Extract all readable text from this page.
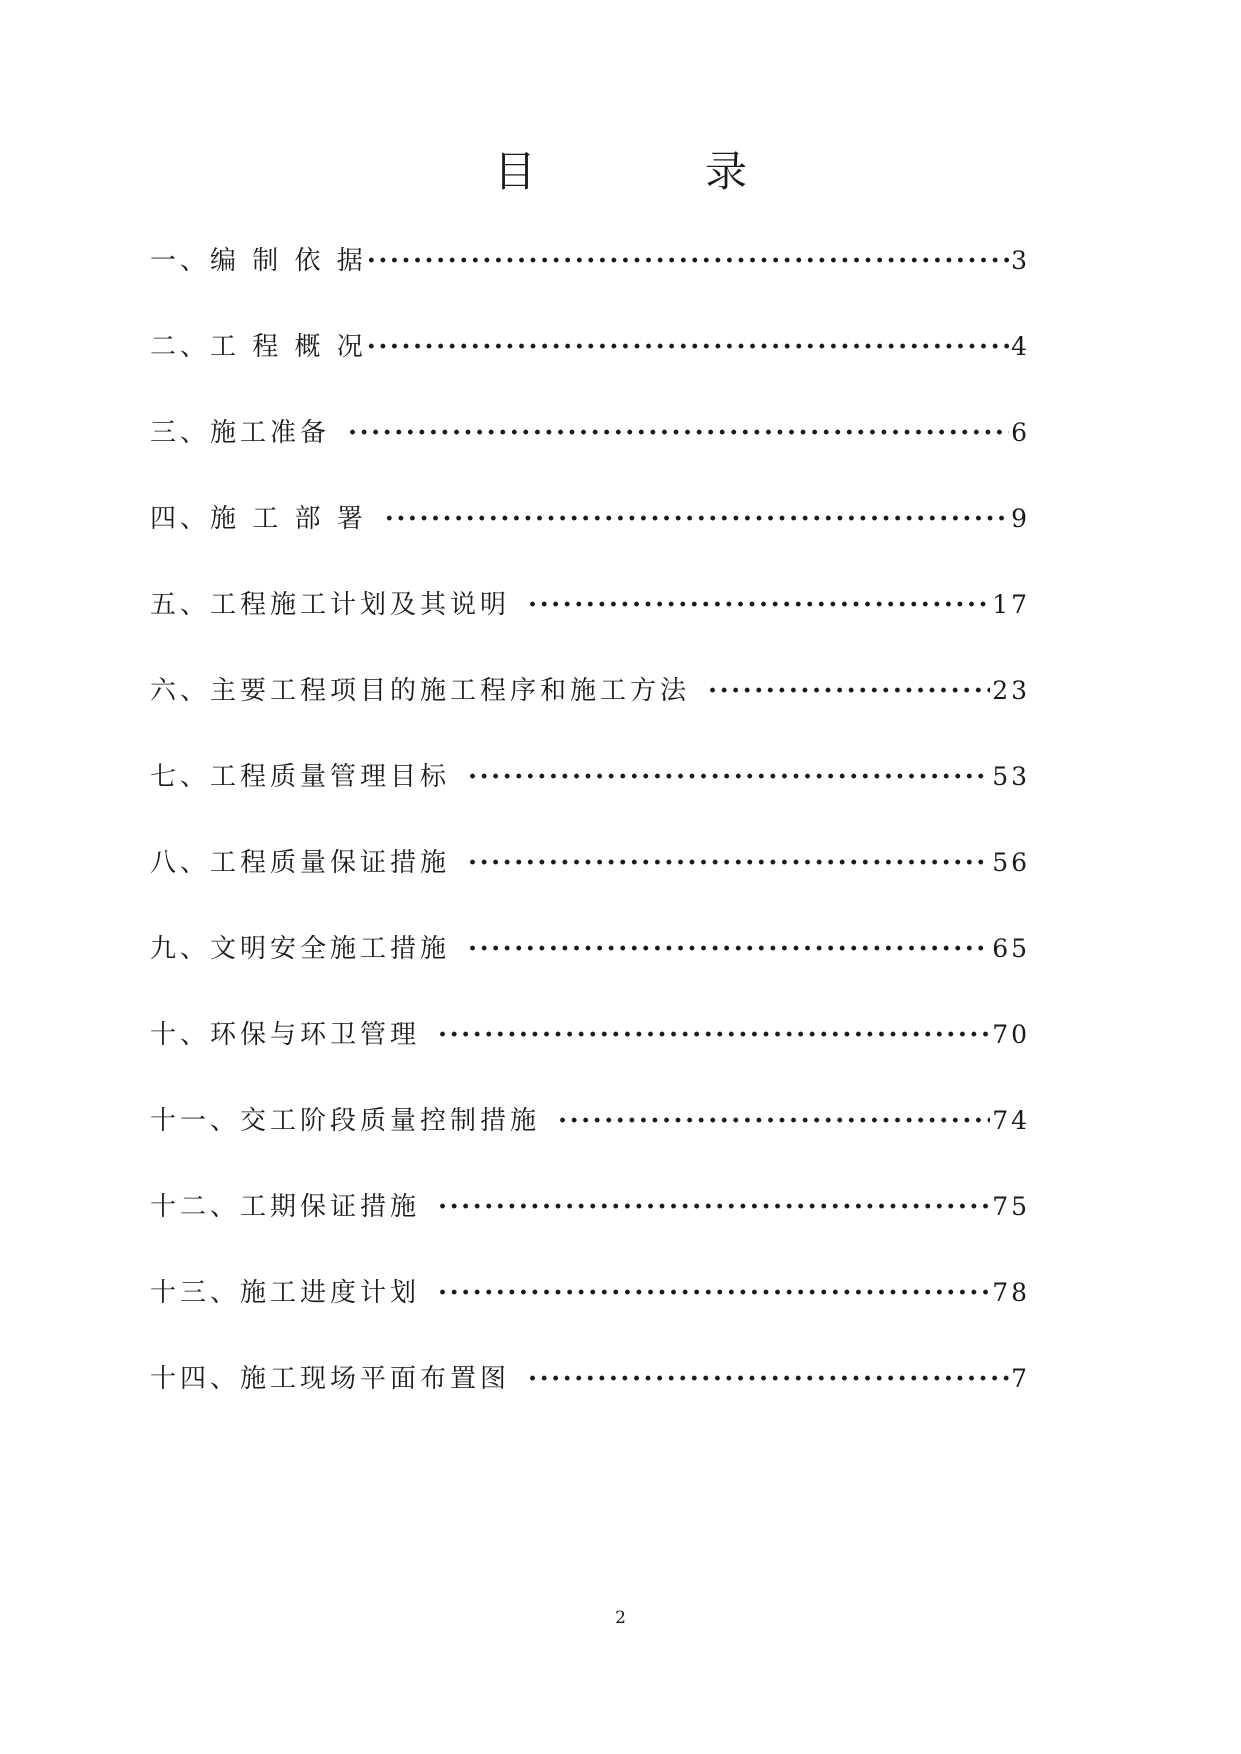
目 录
一、编 制 依 据 ·····	3
二、工 程 概 况 ·····	4
三、施工准备 ·····	6
四、施 工 部 署 ·····	9
五、工程施工计划及其说明 ·····	17
六、主要工程项目的施工程序和施工方法 ·····	23
七、工程质量管理目标 ·····	53
八、工程质量保证措施 ·····	56
九、文明安全施工措施 ·····	65
十、环保与环卫管理 ·····	70
十一、交工阶段质量控制措施 ·····	74
十二、工期保证措施 ·····	75
十三、施工进度计划 ·····	78
十四、施工现场平面布置图 ·····	7
2
